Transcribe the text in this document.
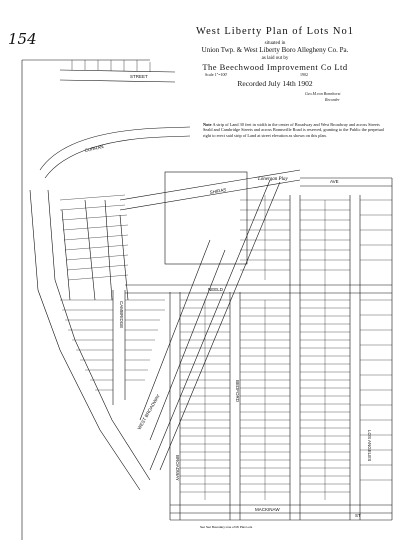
STREET
CURRAN
SHIRAS
AVE
CAMBRIDGE
BROADWAY
BEDFORD
NEELD
LOS ANGELES
MACKINAW
WEST BROADWAY
ST
Lonergan Play
Sec Sec Boundary Line of Mt Plan Lots
154	West Liberty Plan of Lots No1
situated in
Union Twp. & West Liberty Boro Allegheny Co. Pa.
as laid out by
The Beechwood Improvement Co Ltd
Scale 1"=100'	1902
Recorded July 14th 1902
Geo.M.von Bonnhorst
Recorder
Note A strip of Land 30 feet in width in the center of Broadway and West Broadway and across Streets Seald and Cambridge Streets and across Bonnsville Road is reserved, granting to the Public the perpetual right to erect said strip of Land at street elevation as shown on this plan.
